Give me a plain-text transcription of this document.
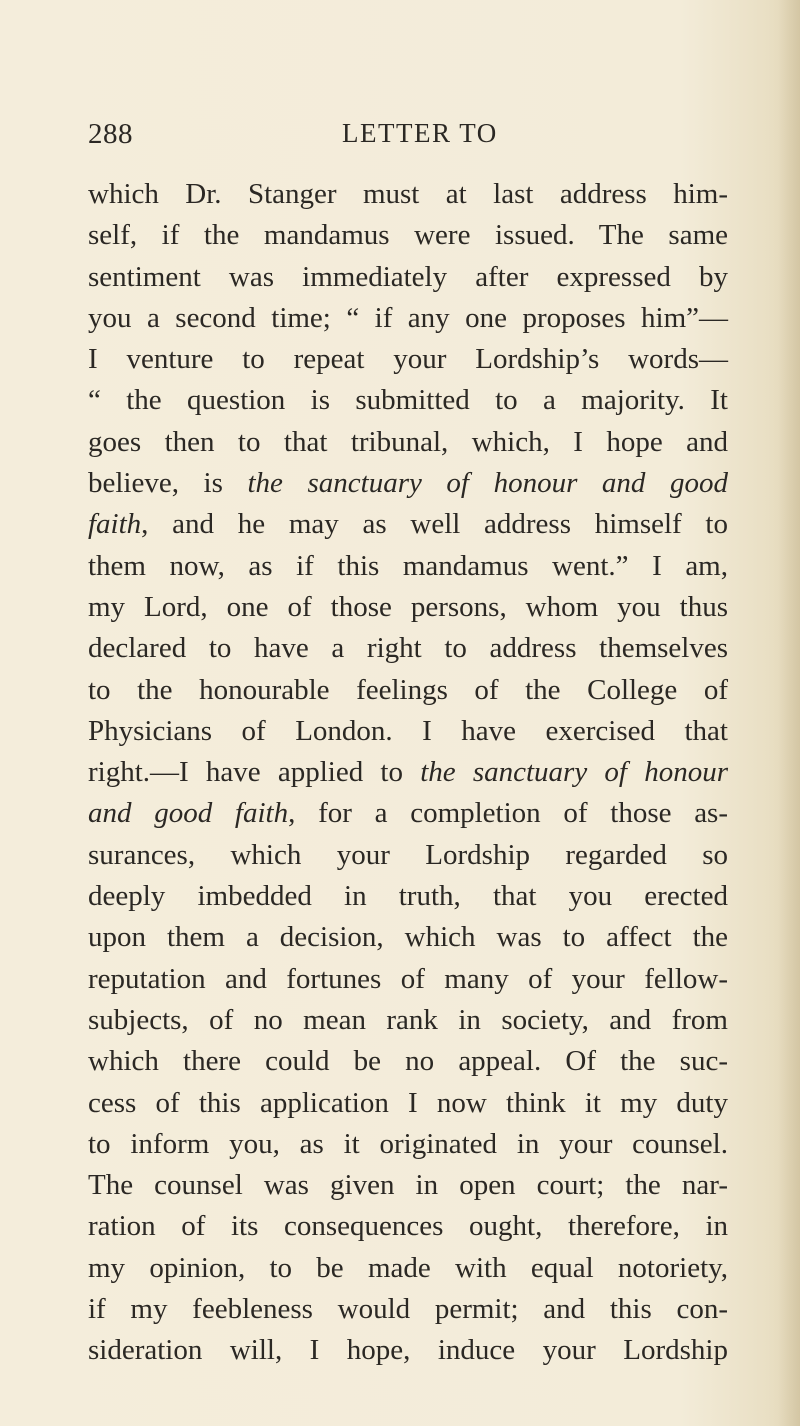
288	LETTER TO
which Dr. Stanger must at last address him-
self, if the mandamus were issued. The same
sentiment was immediately after expressed by
you a second time; “ if any one proposes him”—
I venture to repeat your Lordship’s words—
“ the question is submitted to a majority. It
goes then to that tribunal, which, I hope and
believe, is the sanctuary of honour and good
faith, and he may as well address himself to
them now, as if this mandamus went.” I am,
my Lord, one of those persons, whom you thus
declared to have a right to address themselves
to the honourable feelings of the College of
Physicians of London. I have exercised that
right.—I have applied to the sanctuary of honour
and good faith, for a completion of those as-
surances, which your Lordship regarded so
deeply imbedded in truth, that you erected
upon them a decision, which was to affect the
reputation and fortunes of many of your fellow-
subjects, of no mean rank in society, and from
which there could be no appeal. Of the suc-
cess of this application I now think it my duty
to inform you, as it originated in your counsel.
The counsel was given in open court; the nar-
ration of its consequences ought, therefore, in
my opinion, to be made with equal notoriety,
if my feebleness would permit; and this con-
sideration will, I hope, induce your Lordship
